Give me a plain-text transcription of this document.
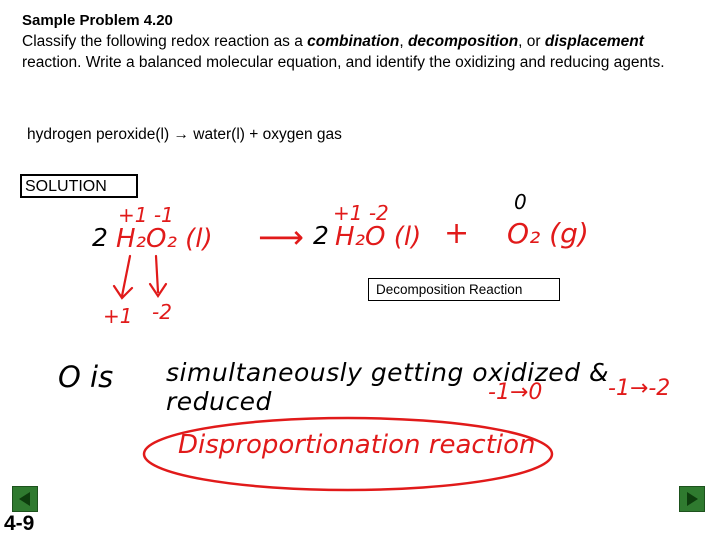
Sample Problem 4.20
Classify the following redox reaction as a combination, decomposition, or displacement reaction. Write a balanced molecular equation, and identify the oxidizing and reducing agents.
hydrogen peroxide(l) → water(l) + oxygen gas
SOLUTION
+1 -1
2 H₂O₂ (l) ⟶
+1 -2
2 H₂O (l) +
0
O₂ (g)
+1 -2
Decomposition Reaction
O is simultaneously getting oxidized & reduced	-1→0	-1→-2
Disproportionation reaction
4-9
